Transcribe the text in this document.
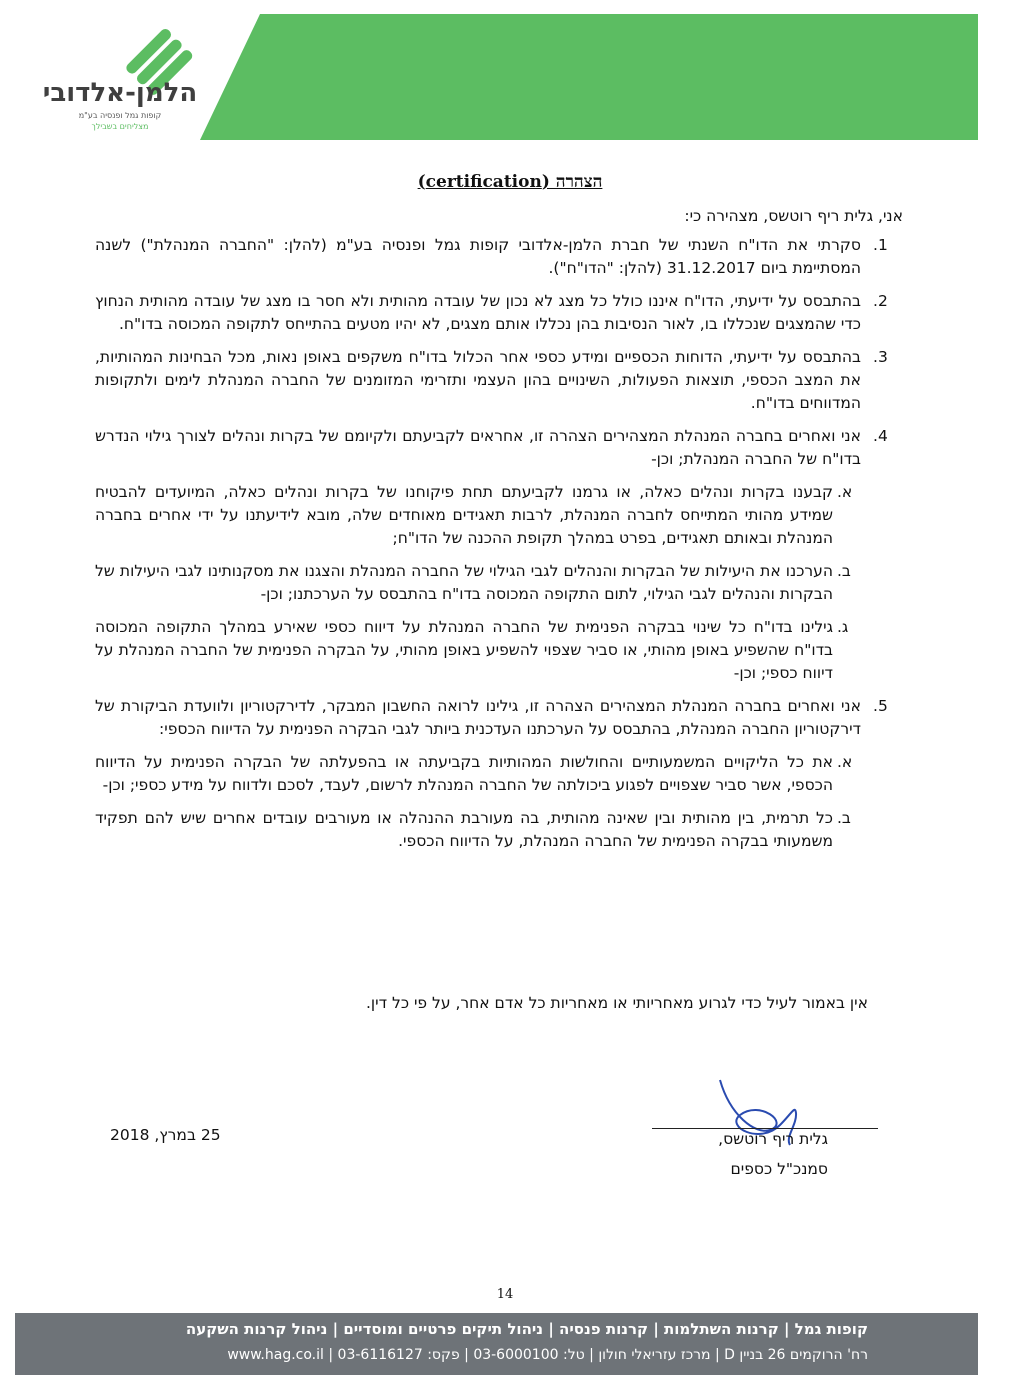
הלמן-אלדובי
קופות גמל ופנסיה בע"מ
מצליחים בשבילך
הצהרה (certification)

אני, גלית ריף רוטשס, מצהירה כי:

1.
סקרתי את הדו"ח השנתי של חברת הלמן-אלדובי קופות גמל ופנסיה בע"מ (להלן: "החברה המנהלת") לשנה המסתיימת ביום 31.12.2017 (להלן: "הדו"ח").
2.
בהתבסס על ידיעתי, הדו"ח איננו כולל כל מצג לא נכון של עובדה מהותית ולא חסר בו מצג של עובדה מהותית הנחוץ כדי שהמצגים שנכללו בו, לאור הנסיבות בהן נכללו אותם מצגים, לא יהיו מטעים בהתייחס לתקופה המכוסה בדו"ח.
3.
בהתבסס על ידיעתי, הדוחות הכספיים ומידע כספי אחר הכלול בדו"ח משקפים באופן נאות, מכל הבחינות המהותיות, את המצב הכספי, תוצאות הפעולות, השינויים בהון העצמי ותזרימי המזומנים של החברה המנהלת לימים ולתקופות המדווחים בדו"ח.
4.
אני ואחרים בחברה המנהלת המצהירים הצהרה זו, אחראים לקביעתם ולקיומם של בקרות ונהלים לצורך גילוי הנדרש בדו"ח של החברה המנהלת; וכן-
א.
קבענו בקרות ונהלים כאלה, או גרמנו לקביעתם תחת פיקוחנו של בקרות ונהלים כאלה, המיועדים להבטיח שמידע מהותי המתייחס לחברה המנהלת, לרבות תאגידים מאוחדים שלה, מובא לידיעתנו על ידי אחרים בחברה המנהלת ובאותם תאגידים, בפרט במהלך תקופת ההכנה של הדו"ח;
ב.
הערכנו את היעילות של הבקרות והנהלים לגבי הגילוי של החברה המנהלת והצגנו את מסקנותינו לגבי היעילות של הבקרות והנהלים לגבי הגילוי, לתום התקופה המכוסה בדו"ח בהתבסס על הערכתנו; וכן-
ג.
גילינו בדו"ח כל שינוי בבקרה הפנימית של החברה המנהלת על דיווח כספי שאירע במהלך התקופה המכוסה בדו"ח שהשפיע באופן מהותי, או סביר שצפוי להשפיע באופן מהותי, על הבקרה הפנימית של החברה המנהלת על דיווח כספי; וכן-
5.
אני ואחרים בחברה המנהלת המצהירים הצהרה זו, גילינו לרואה החשבון המבקר, לדירקטוריון ולוועדת הביקורת של דירקטוריון החברה המנהלת, בהתבסס על הערכתנו העדכנית ביותר לגבי הבקרה הפנימית על הדיווח הכספי:
א.
את כל הליקויים המשמעותיים והחולשות המהותיות בקביעתה או בהפעלתה של הבקרה הפנימית על הדיווח הכספי, אשר סביר שצפויים לפגוע ביכולתה של החברה המנהלת לרשום, לעבד, לסכם ולדווח על מידע כספי; וכן-
ב.
כל תרמית, בין מהותית ובין שאינה מהותית, בה מעורבת ההנהלה או מעורבים עובדים אחרים שיש להם תפקיד משמעותי בבקרה הפנימית של החברה המנהלת, על הדיווח הכספי.
אין באמור לעיל כדי לגרוע מאחריותי או מאחריות כל אדם אחר, על פי כל דין.
גלית ריף רוטשס,
סמנכ"ל כספים
25 במרץ, 2018
14
קופות גמל | קרנות השתלמות | קרנות פנסיה | ניהול תיקים פרטיים ומוסדיים | ניהול קרנות השקעה
רח' הרוקמים 26 בניין D | מרכז עזריאלי חולון | טל: 03-6000100 | פקס: 03-6116127 | www.hag.co.il
